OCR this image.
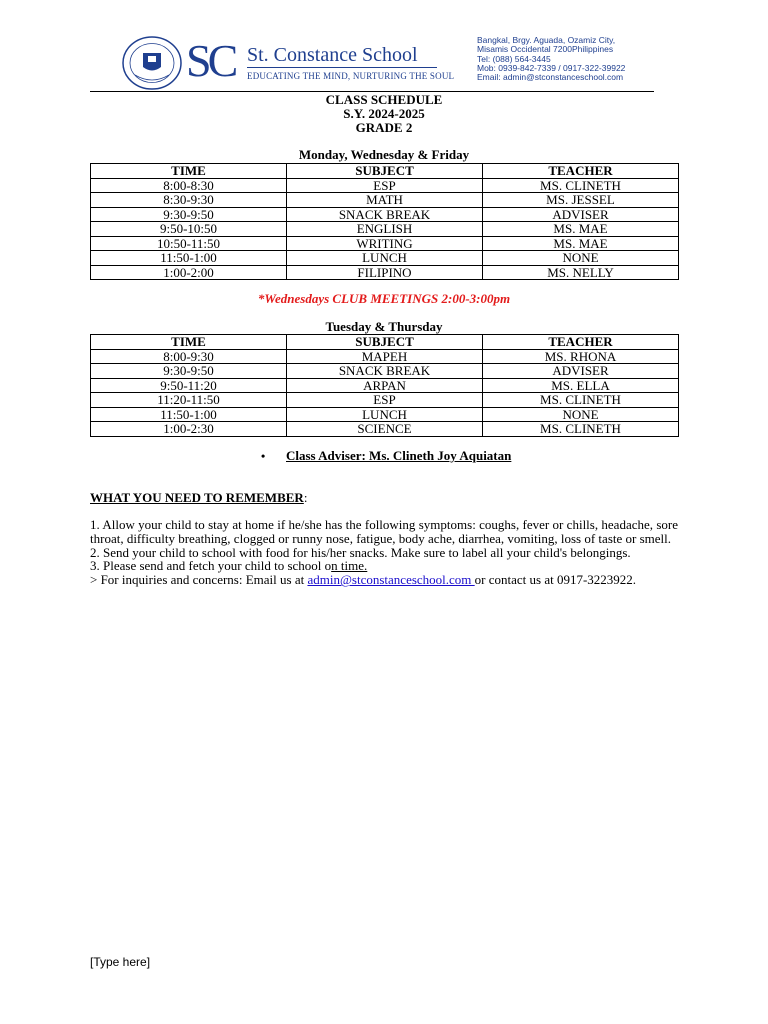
SC St. Constance School
EDUCATING THE MIND, NURTURING THE SOUL
Bangkal, Brgy. Aguada, Ozamiz City,
Misamis Occidental 7200Philippines
Tel: (088) 564-3445
Mob: 0939-842-7339 / 0917-322-39922
Email: admin@stconstanceschool.com
CLASS SCHEDULE
S.Y. 2024-2025
GRADE 2
Monday, Wednesday & Friday
TIME	SUBJECT	TEACHER
8:00-8:30	ESP	MS. CLINETH
8:30-9:30	MATH	MS. JESSEL
9:30-9:50	SNACK BREAK	ADVISER
9:50-10:50	ENGLISH	MS. MAE
10:50-11:50	WRITING	MS. MAE
11:50-1:00	LUNCH	NONE
1:00-2:00	FILIPINO	MS. NELLY
*Wednesdays CLUB MEETINGS 2:00-3:00pm
Tuesday & Thursday
TIME	SUBJECT	TEACHER
8:00-9:30	MAPEH	MS. RHONA
9:30-9:50	SNACK BREAK	ADVISER
9:50-11:20	ARPAN	MS. ELLA
11:20-11:50	ESP	MS. CLINETH
11:50-1:00	LUNCH	NONE
1:00-2:30	SCIENCE	MS. CLINETH
• Class Adviser: Ms. Clineth Joy Aquiatan
WHAT YOU NEED TO REMEMBER:

1. Allow your child to stay at home if he/she has the following symptoms: coughs, fever or chills, headache, sore throat, difficulty breathing, clogged or runny nose, fatigue, body ache, diarrhea, vomiting, loss of taste or smell.

2. Send your child to school with food for his/her snacks. Make sure to label all your child's belongings.

3. Please send and fetch your child to school on time.

> For inquiries and concerns: Email us at admin@stconstanceschool.com or contact us at 0917-3223922.

[Type here]
